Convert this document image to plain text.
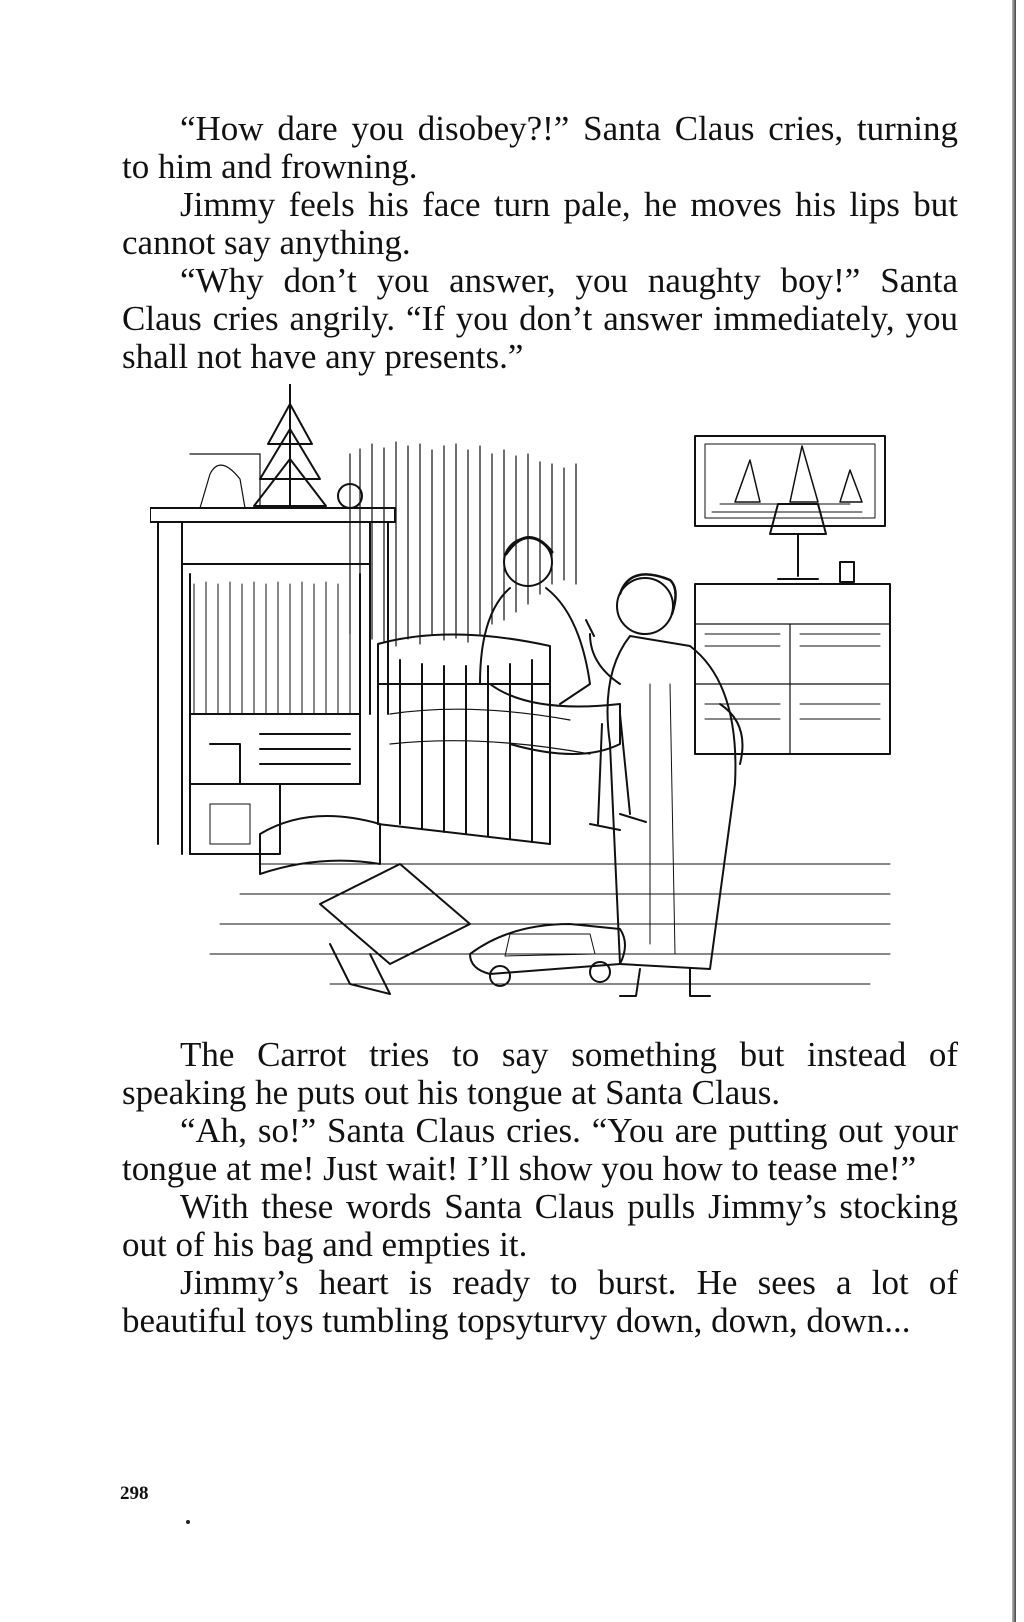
“How dare you disobey?!” Santa Claus cries, turning to him and frowning.

Jimmy feels his face turn pale, he moves his lips but cannot say anything.

“Why don’t you answer, you naughty boy!” Santa Claus cries angrily. “If you don’t answer immediately, you shall not have any presents.”

The Carrot tries to say something but instead of speaking he puts out his tongue at Santa Claus.

“Ah, so!” Santa Claus cries. “You are putting out your tongue at me! Just wait! I’ll show you how to tease me!”

With these words Santa Claus pulls Jimmy’s stocking out of his bag and empties it.

Jimmy’s heart is ready to burst. He sees a lot of beautiful toys tumbling topsyturvy down, down, down...

298
